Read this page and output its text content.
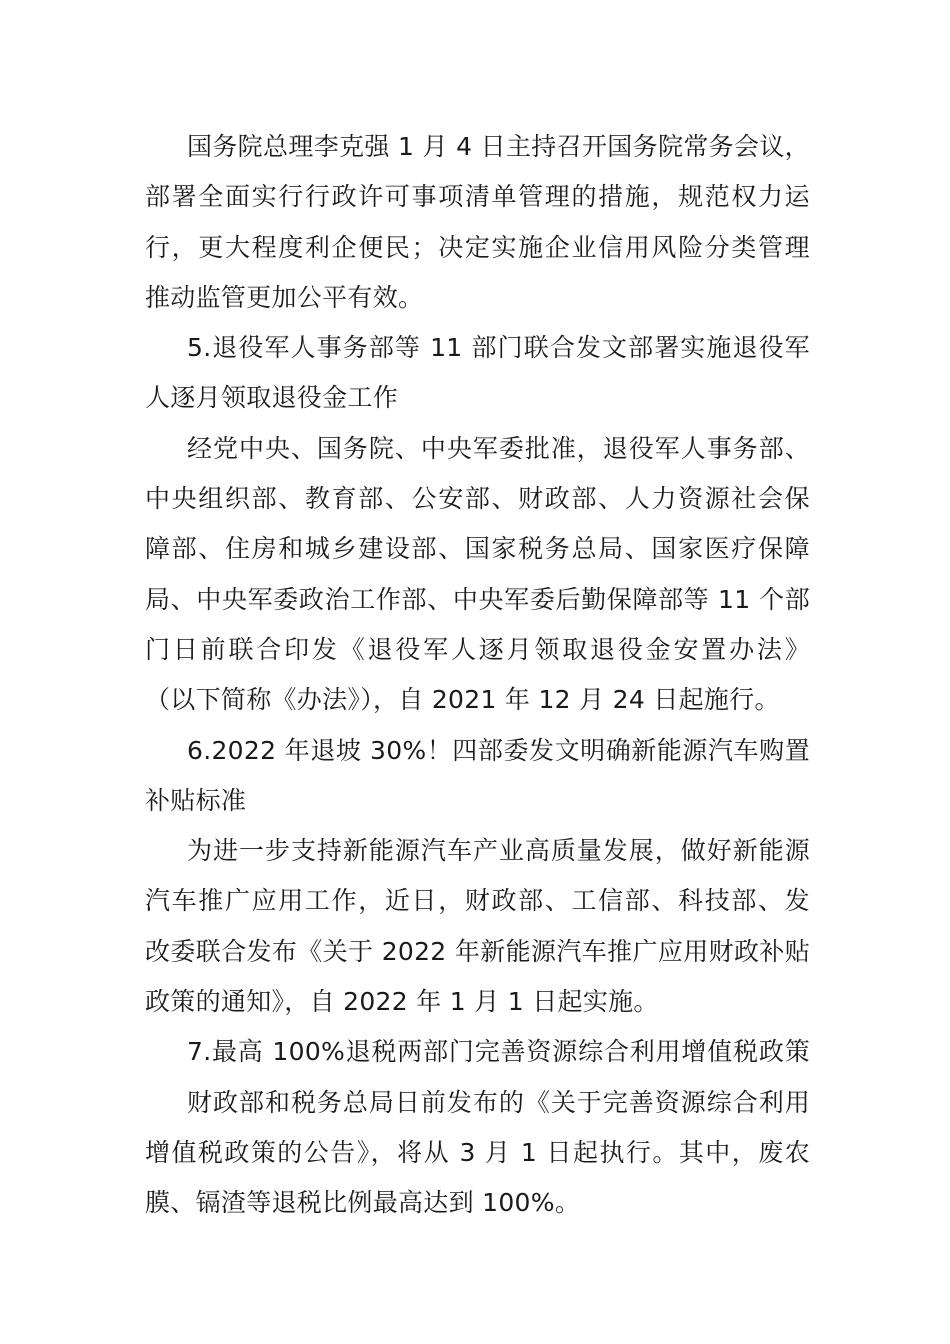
国务院总理李克强 1 月 4 日主持召开国务院常务会议，
部署全面实行行政许可事项清单管理的措施，规范权力运
行，更大程度利企便民；决定实施企业信用风险分类管理
推动监管更加公平有效。
5.退役军人事务部等 11 部门联合发文部署实施退役军
人逐月领取退役金工作
经党中央、国务院、中央军委批准，退役军人事务部、
中央组织部、教育部、公安部、财政部、人力资源社会保
障部、住房和城乡建设部、国家税务总局、国家医疗保障
局、中央军委政治工作部、中央军委后勤保障部等 11 个部
门日前联合印发《退役军人逐月领取退役金安置办法》
（以下简称《办法》），自 2021 年 12 月 24 日起施行。
6.2022 年退坡 30%！四部委发文明确新能源汽车购置
补贴标准
为进一步支持新能源汽车产业高质量发展，做好新能源
汽车推广应用工作，近日，财政部、工信部、科技部、发
改委联合发布《关于 2022 年新能源汽车推广应用财政补贴
政策的通知》，自 2022 年 1 月 1 日起实施。
7.最高 100%退税两部门完善资源综合利用增值税政策
财政部和税务总局日前发布的《关于完善资源综合利用
增值税政策的公告》，将从 3 月 1 日起执行。其中，废农
膜、镉渣等退税比例最高达到 100%。
